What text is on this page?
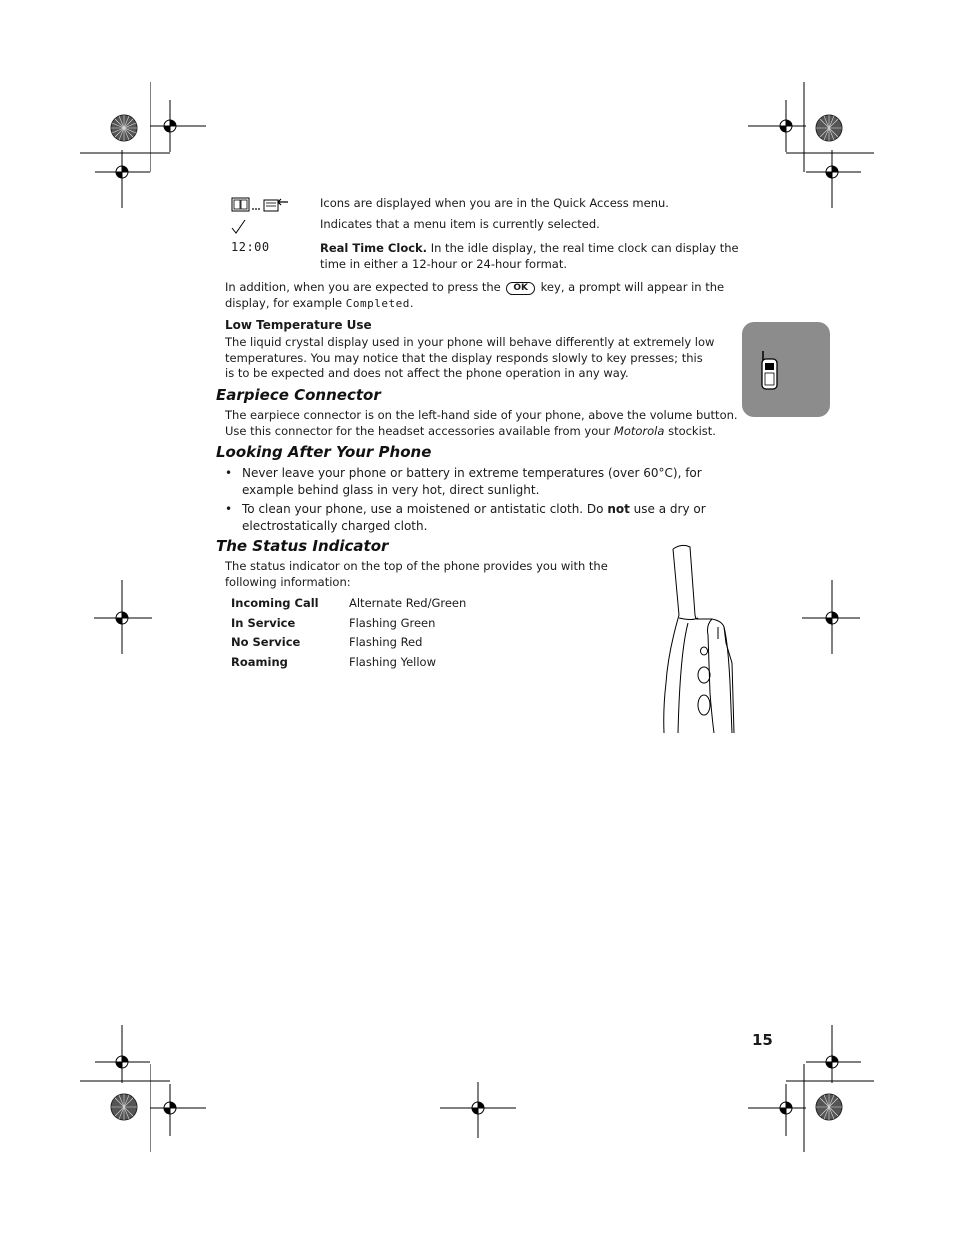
Icons are displayed when you are in the Quick Access menu.
Indicates that a menu item is currently selected.
12:00	Real Time Clock. In the idle display, the real time clock can display the time in either a 12-hour or 24-hour format.
In addition, when you are expected to press the OK key, a prompt will appear in the display, for example Completed.
Low Temperature Use
The liquid crystal display used in your phone will behave differently at extremely low temperatures. You may notice that the display responds slowly to key presses; this is to be expected and does not affect the phone operation in any way.
Earpiece Connector
The earpiece connector is on the left-hand side of your phone, above the volume button. Use this connector for the headset accessories available from your Motorola stockist.
Looking After Your Phone
• Never leave your phone or battery in extreme temperatures (over 60°C), for example behind glass in very hot, direct sunlight.
• To clean your phone, use a moistened or antistatic cloth. Do not use a dry or electrostatically charged cloth.
The Status Indicator
The status indicator on the top of the phone provides you with the following information:
Incoming Call	Alternate Red/Green
In Service	Flashing Green
No Service	Flashing Red
Roaming	Flashing Yellow
15
